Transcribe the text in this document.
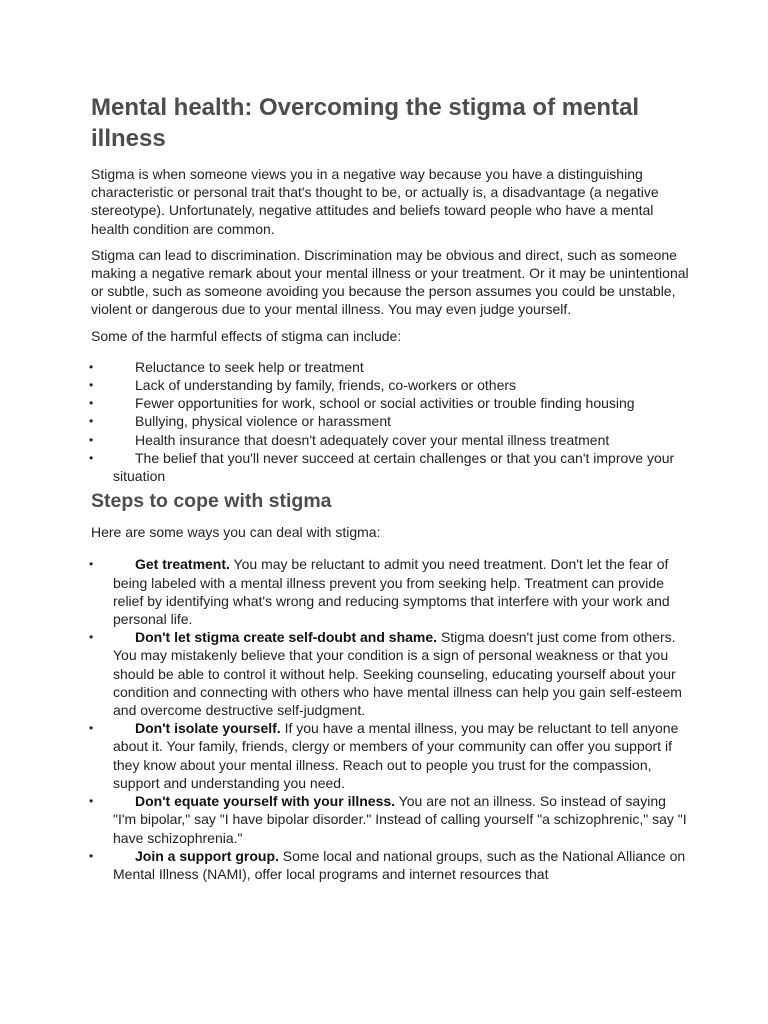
Mental health: Overcoming the stigma of mental illness

Stigma is when someone views you in a negative way because you have a distinguishing characteristic or personal trait that's thought to be, or actually is, a disadvantage (a negative stereotype). Unfortunately, negative attitudes and beliefs toward people who have a mental health condition are common.

Stigma can lead to discrimination. Discrimination may be obvious and direct, such as someone making a negative remark about your mental illness or your treatment. Or it may be unintentional or subtle, such as someone avoiding you because the person assumes you could be unstable, violent or dangerous due to your mental illness. You may even judge yourself.

Some of the harmful effects of stigma can include:

•	Reluctance to seek help or treatment
•	Lack of understanding by family, friends, co-workers or others
•	Fewer opportunities for work, school or social activities or trouble finding housing
•	Bullying, physical violence or harassment
•	Health insurance that doesn't adequately cover your mental illness treatment
•	The belief that you'll never succeed at certain challenges or that you can't improve your situation
Steps to cope with stigma

Here are some ways you can deal with stigma:

•	Get treatment. You may be reluctant to admit you need treatment. Don't let the fear of being labeled with a mental illness prevent you from seeking help. Treatment can provide relief by identifying what's wrong and reducing symptoms that interfere with your work and personal life.
•	Don't let stigma create self-doubt and shame. Stigma doesn't just come from others. You may mistakenly believe that your condition is a sign of personal weakness or that you should be able to control it without help. Seeking counseling, educating yourself about your condition and connecting with others who have mental illness can help you gain self-esteem and overcome destructive self-judgment.
•	Don't isolate yourself. If you have a mental illness, you may be reluctant to tell anyone about it. Your family, friends, clergy or members of your community can offer you support if they know about your mental illness. Reach out to people you trust for the compassion, support and understanding you need.
•	Don't equate yourself with your illness. You are not an illness. So instead of saying "I'm bipolar," say "I have bipolar disorder." Instead of calling yourself "a schizophrenic," say "I have schizophrenia."
•	Join a support group. Some local and national groups, such as the National Alliance on Mental Illness (NAMI), offer local programs and internet resources that
